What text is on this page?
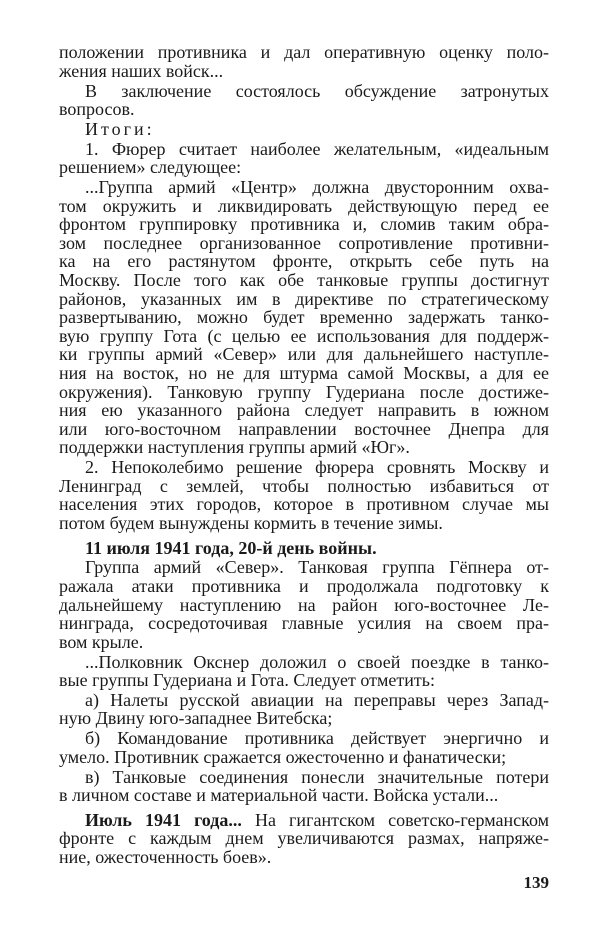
положении противника и дал оперативную оценку поло-
жения наших войск...
В заключение состоялось обсуждение затронутых
вопросов.
Итоги:
1. Фюрер считает наиболее желательным, «идеальным
решением» следующее:
...Группа армий «Центр» должна двусторонним охва-
том окружить и ликвидировать действующую перед ее
фронтом группировку противника и, сломив таким обра-
зом последнее организованное сопротивление противни-
ка на его растянутом фронте, открыть себе путь на
Москву. После того как обе танковые группы достигнут
районов, указанных им в директиве по стратегическому
развертыванию, можно будет временно задержать танко-
вую группу Гота (с целью ее использования для поддерж-
ки группы армий «Север» или для дальнейшего наступле-
ния на восток, но не для штурма самой Москвы, а для ее
окружения). Танковую группу Гудериана после достиже-
ния ею указанного района следует направить в южном
или юго-восточном направлении восточнее Днепра для
поддержки наступления группы армий «Юг».
2. Непоколебимо решение фюрера сровнять Москву и
Ленинград с землей, чтобы полностью избавиться от
населения этих городов, которое в противном случае мы
потом будем вынуждены кормить в течение зимы.
11 июля 1941 года, 20-й день войны.
Группа армий «Север». Танковая группа Гёпнера от-
ражала атаки противника и продолжала подготовку к
дальнейшему наступлению на район юго-восточнее Ле-
нинграда, сосредоточивая главные усилия на своем пра-
вом крыле.
...Полковник Окснер доложил о своей поездке в танко-
вые группы Гудериана и Гота. Следует отметить:
а) Налеты русской авиации на переправы через Запад-
ную Двину юго-западнее Витебска;
б) Командование противника действует энергично и
умело. Противник сражается ожесточенно и фанатически;
в) Танковые соединения понесли значительные потери
в личном составе и материальной части. Войска устали...
Июль 1941 года... На гигантском советско-германском
фронте с каждым днем увеличиваются размах, напряже-
ние, ожесточенность боев».
139
